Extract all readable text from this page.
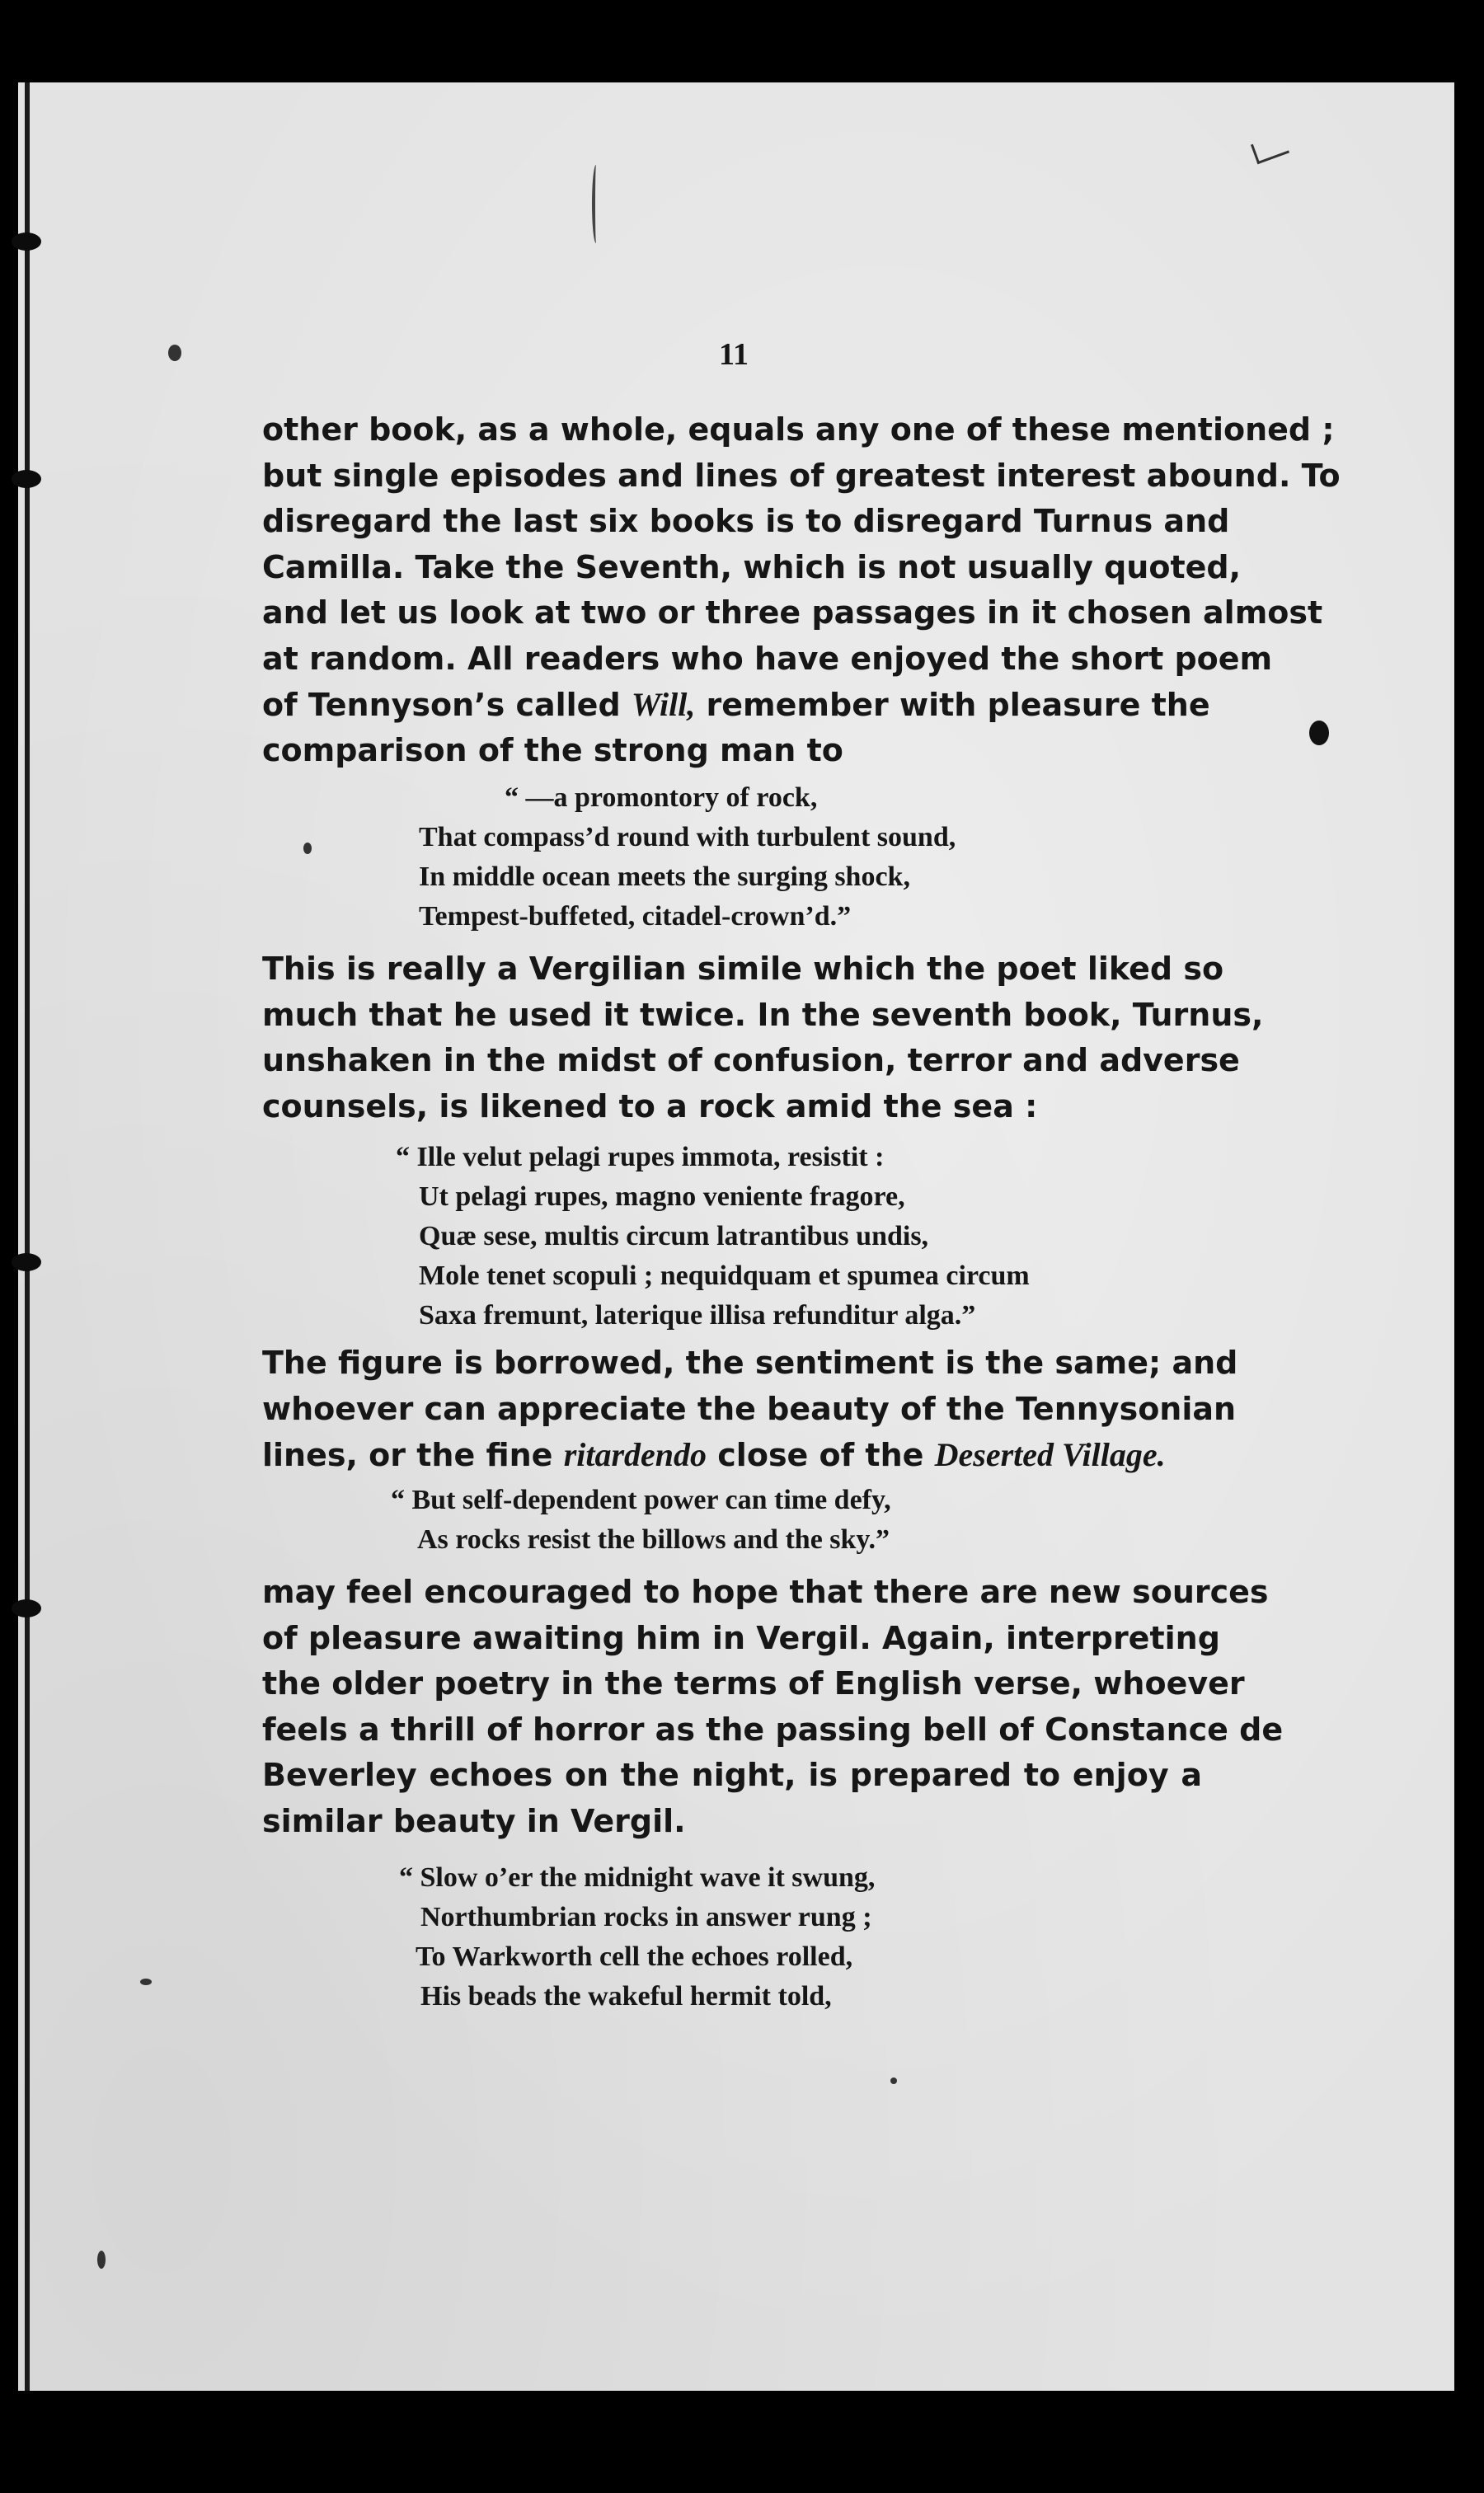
11
other book, as a whole, equals any one of these mentioned ;
but single episodes and lines of greatest interest abound. To
disregard the last six books is to disregard Turnus and
Camilla. Take the Seventh, which is not usually quoted,
and let us look at two or three passages in it chosen almost
at random. All readers who have enjoyed the short poem
of Tennyson’s called Will, remember with pleasure the
comparison of the strong man to
“ —a promontory of rock,
That compass’d round with turbulent sound,
In middle ocean meets the surging shock,
Tempest-buffeted, citadel-crown’d.”
This is really a Vergilian simile which the poet liked so
much that he used it twice. In the seventh book, Turnus,
unshaken in the midst of confusion, terror and adverse
counsels, is likened to a rock amid the sea :
“ Ille velut pelagi rupes immota, resistit :
Ut pelagi rupes, magno veniente fragore,
Quæ sese, multis circum latrantibus undis,
Mole tenet scopuli ; nequidquam et spumea circum
Saxa fremunt, laterique illisa refunditur alga.”
The figure is borrowed, the sentiment is the same; and
whoever can appreciate the beauty of the Tennysonian
lines, or the fine ritardendo close of the Deserted Village.
“ But self-dependent power can time defy,
As rocks resist the billows and the sky.”
may feel encouraged to hope that there are new sources
of pleasure awaiting him in Vergil. Again, interpreting
the older poetry in the terms of English verse, whoever
feels a thrill of horror as the passing bell of Constance de
Beverley echoes on the night, is prepared to enjoy a
similar beauty in Vergil.
“ Slow o’er the midnight wave it swung,
Northumbrian rocks in answer rung ;
To Warkworth cell the echoes rolled,
His beads the wakeful hermit told,
